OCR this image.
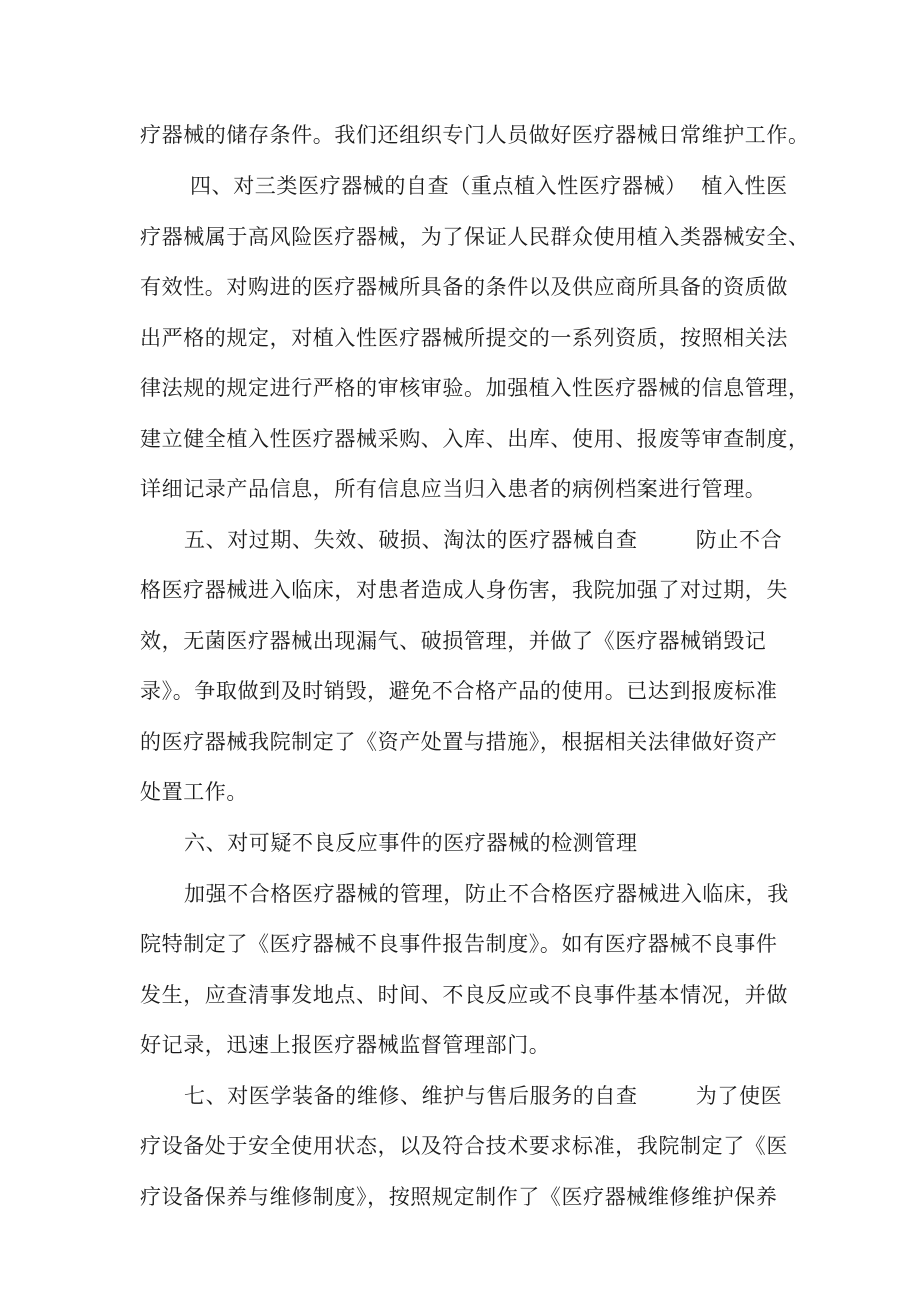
疗器械的储存条件。我们还组织专门人员做好医疗器械日常维护工作。
四、对三类医疗器械的自查（重点植入性医疗器械）  植入性医
疗器械属于高风险医疗器械，为了保证人民群众使用植入类器械安全、
有效性。对购进的医疗器械所具备的条件以及供应商所具备的资质做
出严格的规定，对植入性医疗器械所提交的一系列资质，按照相关法
律法规的规定进行严格的审核审验。加强植入性医疗器械的信息管理，
建立健全植入性医疗器械采购、入库、出库、使用、报废等审查制度，
详细记录产品信息，所有信息应当归入患者的病例档案进行管理。
五、对过期、失效、破损、淘汰的医疗器械自查        防止不合
格医疗器械进入临床，对患者造成人身伤害，我院加强了对过期，失
效，无菌医疗器械出现漏气、破损管理，并做了《医疗器械销毁记
录》。争取做到及时销毁，避免不合格产品的使用。已达到报废标准
的医疗器械我院制定了《资产处置与措施》，根据相关法律做好资产
处置工作。
六、对可疑不良反应事件的医疗器械的检测管理
加强不合格医疗器械的管理，防止不合格医疗器械进入临床，我
院特制定了《医疗器械不良事件报告制度》。如有医疗器械不良事件
发生，应查清事发地点、时间、不良反应或不良事件基本情况，并做
好记录，迅速上报医疗器械监督管理部门。
七、对医学装备的维修、维护与售后服务的自查        为了使医
疗设备处于安全使用状态，以及符合技术要求标准，我院制定了《医
疗设备保养与维修制度》，按照规定制作了《医疗器械维修维护保养
